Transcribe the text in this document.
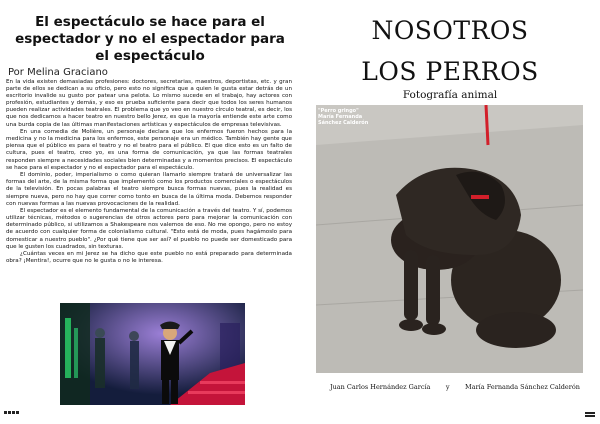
El espectáculo se hace para el espectador y no el espectador para el espectáculo
Por Melina Graciano

En la vida existen demasiadas profesiones: doctores, secretarias, maestros, deportistas, etc. y gran parte de ellos se dedican a su oficio, pero esto no significa que a quien le gusta estar detrás de un escritorio invalide su gusto por patear una pelota. Lo mismo sucede en el trabajo, hay actores con profesión, estudiantes y demás, y eso es prueba suficiente para decir que todos los seres humanos pueden realizar actividades teatrales. El problema que yo veo en nuestro círculo teatral, es decir, los que nos dedicamos a hacer teatro en nuestro bello Jerez, es que la mayoría entiende este arte como una burda copia de las últimas manifestaciones artísticas y espectáculos de empresas televisivas.

En una comedia de Molière, un personaje declara que los enfermos fueron hechos para la medicina y no la medicina para los enfermos, este personaje era un médico. También hay gente que piensa que el público es para el teatro y no el teatro para el público. El que dice esto es un falto de cultura, pues el teatro, creo yo, es una forma de comunicación, ya que las formas teatrales responden siempre a necesidades sociales bien determinadas y a momentos precisos. El espectáculo se hace para el espectador y no el espectador para el espectáculo.

El dominio, poder, imperialismo o como quieran llamarlo siempre tratará de universalizar las formas del arte, de la misma forma que implementó como los productos comerciales o espectáculos de la televisión. En pocas palabras el teatro siempre busca formas nuevas, pues la realidad es siempre nueva, pero no hay que correr como tonto en busca de la última moda. Debemos responder con nuevas formas a las nuevas provocaciones de la realidad.

El espectador es el elemento fundamental de la comunicación a través del teatro. Y sí, podemos utilizar técnicas, métodos o sugerencias de otros actores pero para mejorar la comunicación con determinado público, si utilizamos a Shakespeare nos valemos de eso. No me opongo, pero no estoy de acuerdo con cualquier forma de colonialismo cultural. "Esto está de moda, pues hagámoslo para domesticar a nuestro pueblo". ¿Por qué tiene que ser así? el pueblo no puede ser domesticado para que le gusten los cuadrados, sin texturas.

¿Cuántas veces en mi Jerez se ha dicho que este pueblo no está preparado para determinada obra? ¡Mentira!, ocurre que no le gusta o no le interesa.

NOSOTROS
LOS PERROS
Fotografía animal
"Perro gringo"
María Fernanda
Sánchez Calderón
Juan Carlos Hernández García y María Fernanda Sánchez Calderón
